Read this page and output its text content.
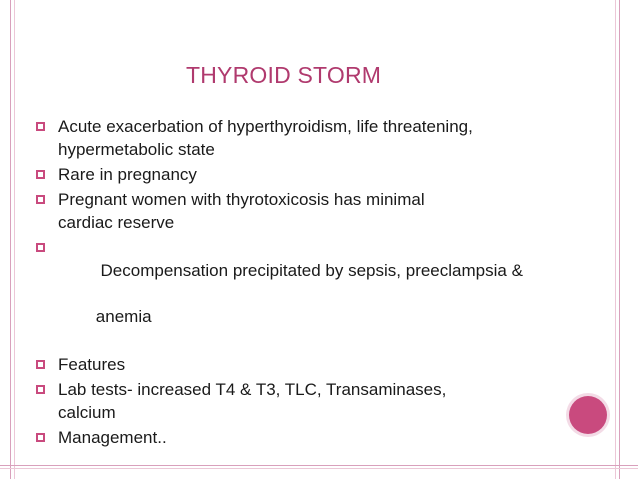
THYROID STORM
Acute exacerbation of hyperthyroidism, life threatening,
hypermetabolic state
Rare in pregnancy
Pregnant women with thyrotoxicosis has minimal
cardiac reserve

Decompensation precipitated by sepsis, preeclampsia &

anemia

Features
Lab tests- increased T4 & T3, TLC, Transaminases,
calcium
Management..
